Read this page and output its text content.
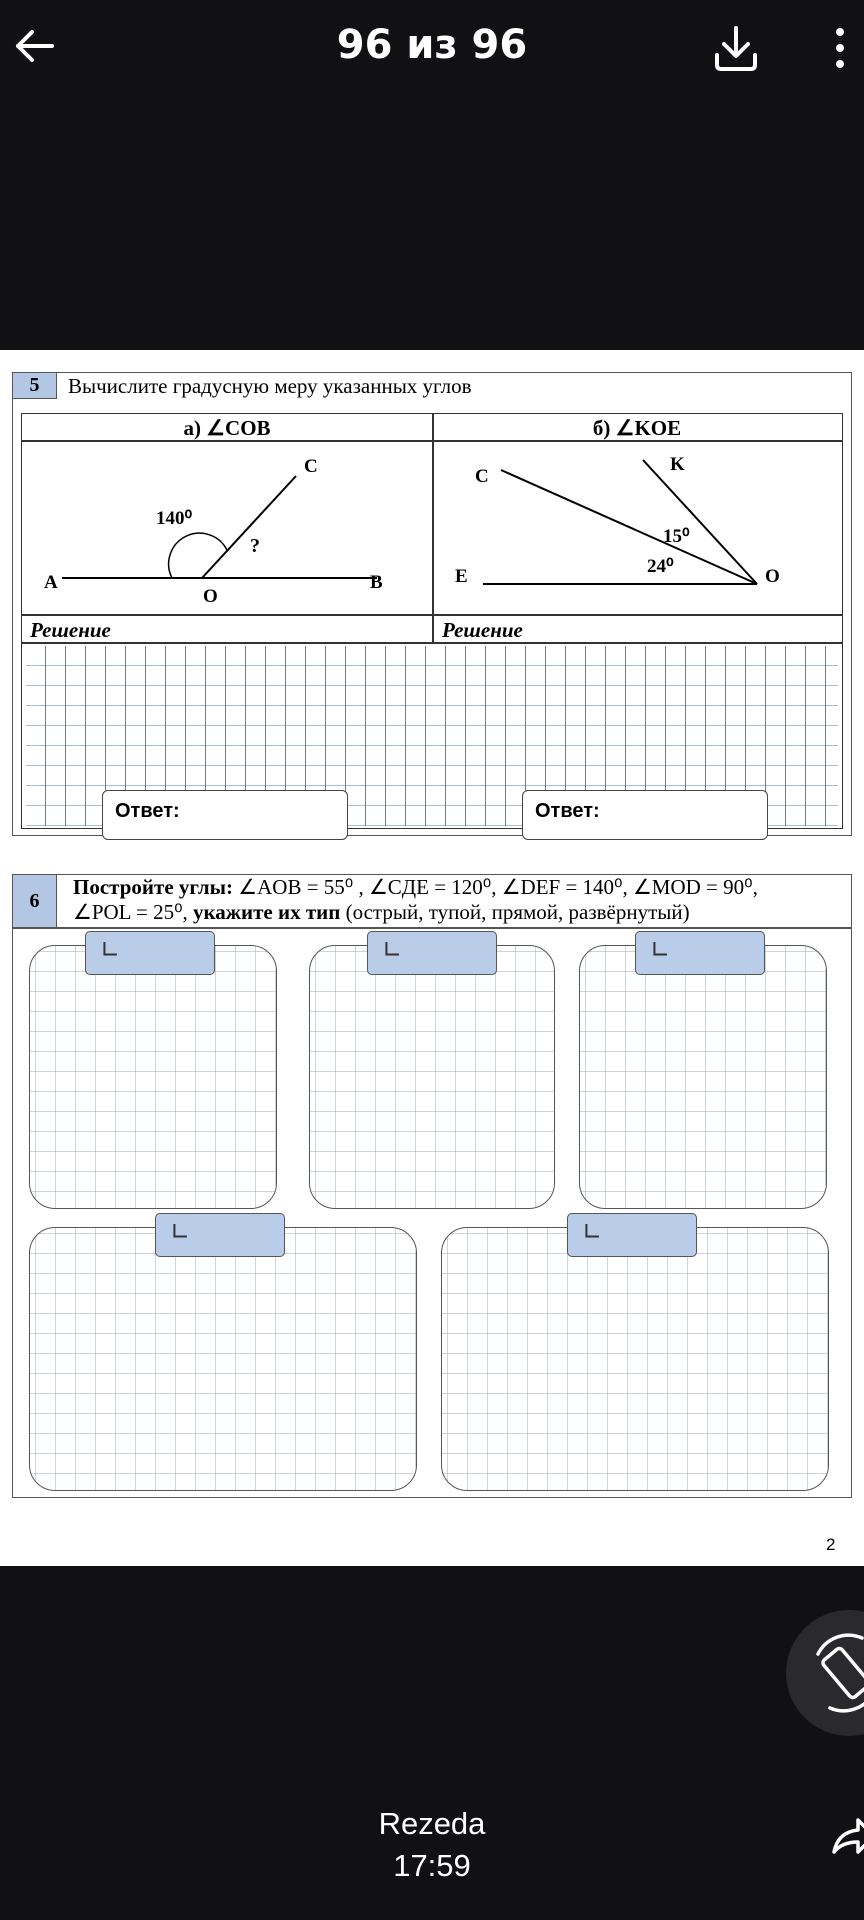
96 из 96
5	Вычислите градусную меру указанных углов
а) ∠COB	б) ∠KOE
140⁰
?
A
O
B
C	C
K
E	O
15⁰
24⁰
Решение	Решение
Ответ:	Ответ:
6
Постройте углы: ∠AOB = 55⁰ , ∠CДЕ = 120⁰, ∠DEF = 140⁰, ∠MOD = 90⁰,
∠POL = 25⁰, укажите их тип (острый, тупой, прямой, развёрнутый)
∟	∟	∟
∟	∟
2
Rezeda
17:59
